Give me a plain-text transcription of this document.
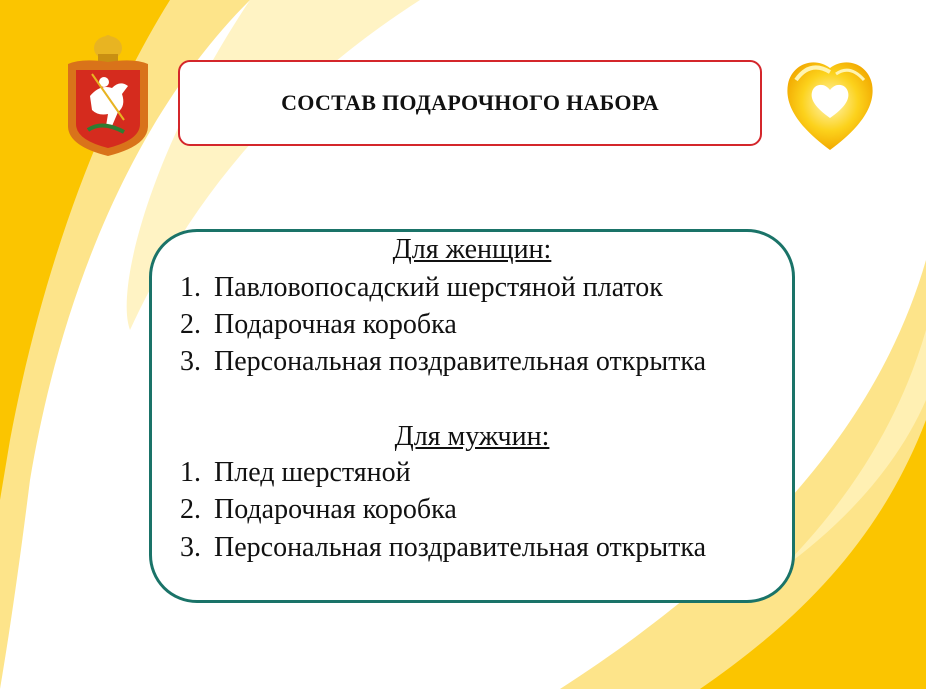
СОСТАВ ПОДАРОЧНОГО НАБОРА
Для женщин:
1. Павловопосадский шерстяной платок
2. Подарочная коробка
3. Персональная поздравительная открытка
Для мужчин:
1. Плед шерстяной
2. Подарочная коробка
3. Персональная поздравительная открытка
